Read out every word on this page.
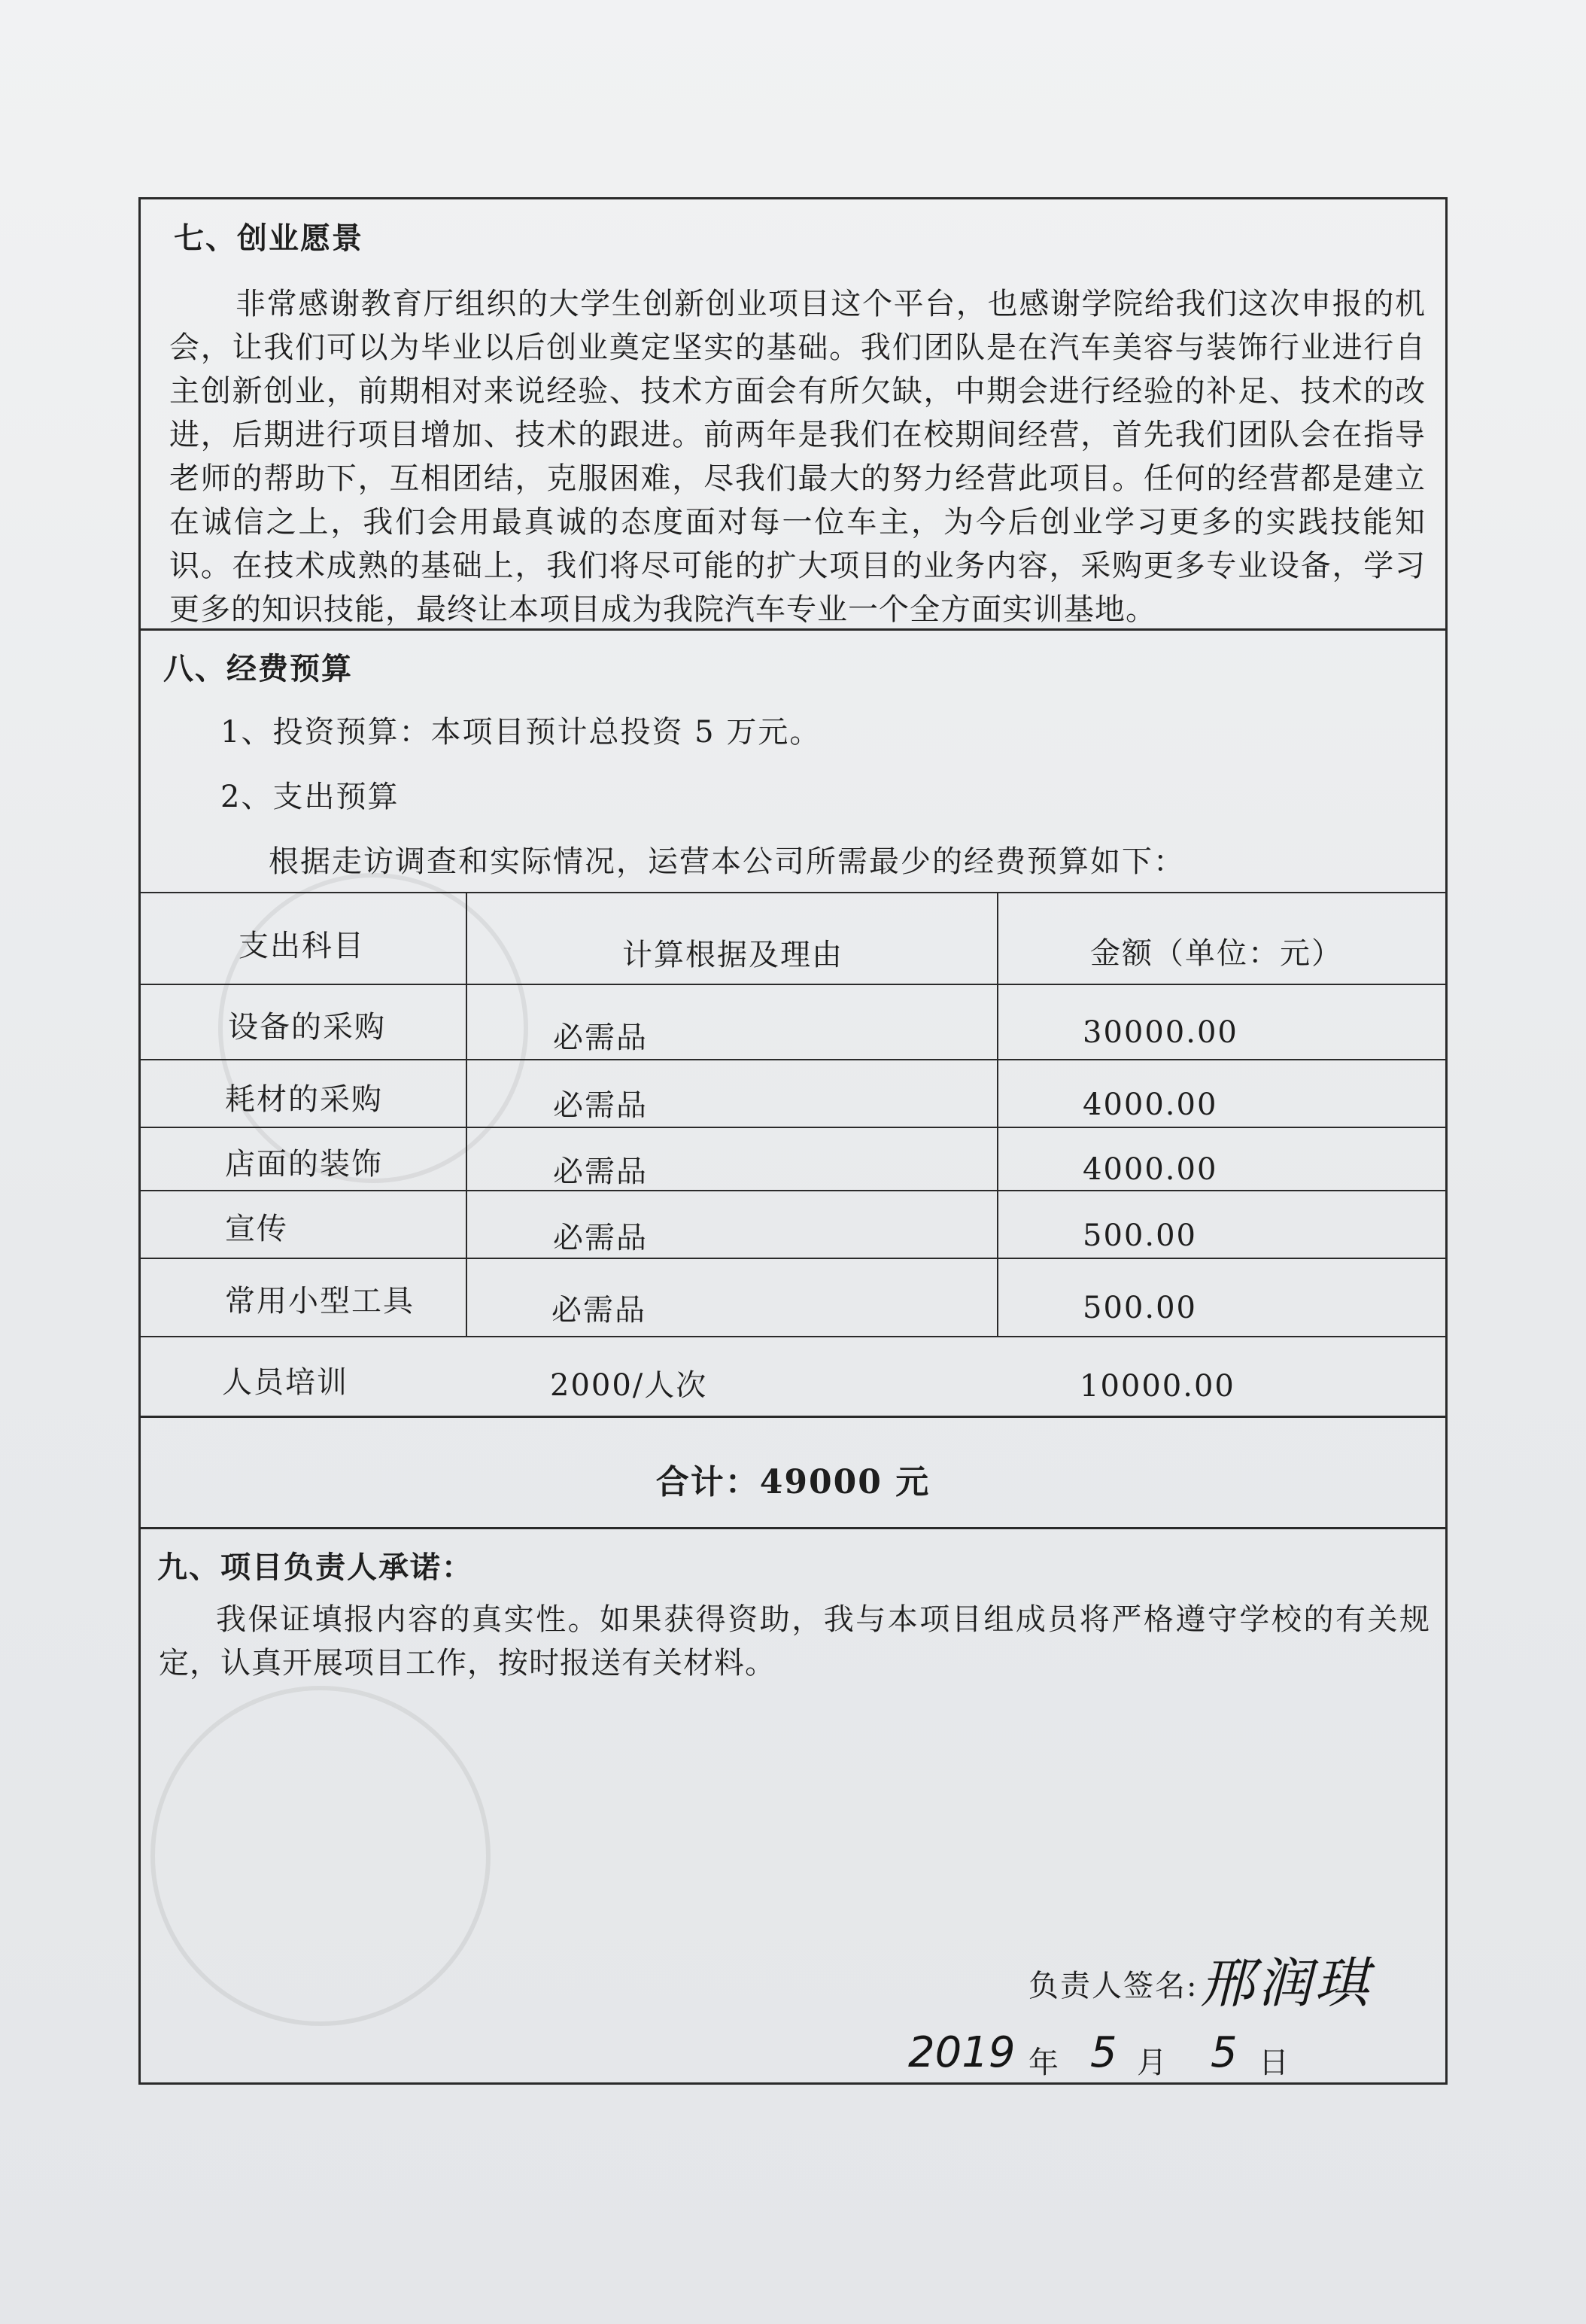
七、创业愿景
非常感谢教育厅组织的大学生创新创业项目这个平台，也感谢学院给我们这次申报的机会，让我们可以为毕业以后创业奠定坚实的基础。我们团队是在汽车美容与装饰行业进行自主创新创业，前期相对来说经验、技术方面会有所欠缺，中期会进行经验的补足、技术的改进，后期进行项目增加、技术的跟进。前两年是我们在校期间经营，首先我们团队会在指导老师的帮助下，互相团结，克服困难，尽我们最大的努力经营此项目。任何的经营都是建立在诚信之上，我们会用最真诚的态度面对每一位车主，为今后创业学习更多的实践技能知识。在技术成熟的基础上，我们将尽可能的扩大项目的业务内容，采购更多专业设备，学习更多的知识技能，最终让本项目成为我院汽车专业一个全方面实训基地。
八、经费预算
1、投资预算：本项目预计总投资 5 万元。
2、支出预算
根据走访调查和实际情况，运营本公司所需最少的经费预算如下：
支出科目	计算根据及理由	金额（单位：元）
设备的采购	必需品	30000.00
耗材的采购	必需品	4000.00
店面的装饰	必需品	4000.00
宣传	必需品	500.00
常用小型工具	必需品	500.00
人员培训	2000/人次	10000.00
合计：49000 元
九、项目负责人承诺：
我保证填报内容的真实性。如果获得资助，我与本项目组成员将严格遵守学校的有关规定，认真开展项目工作，按时报送有关材料。
负责人签名: 邢润琪
2019 年 5 月 5 日
